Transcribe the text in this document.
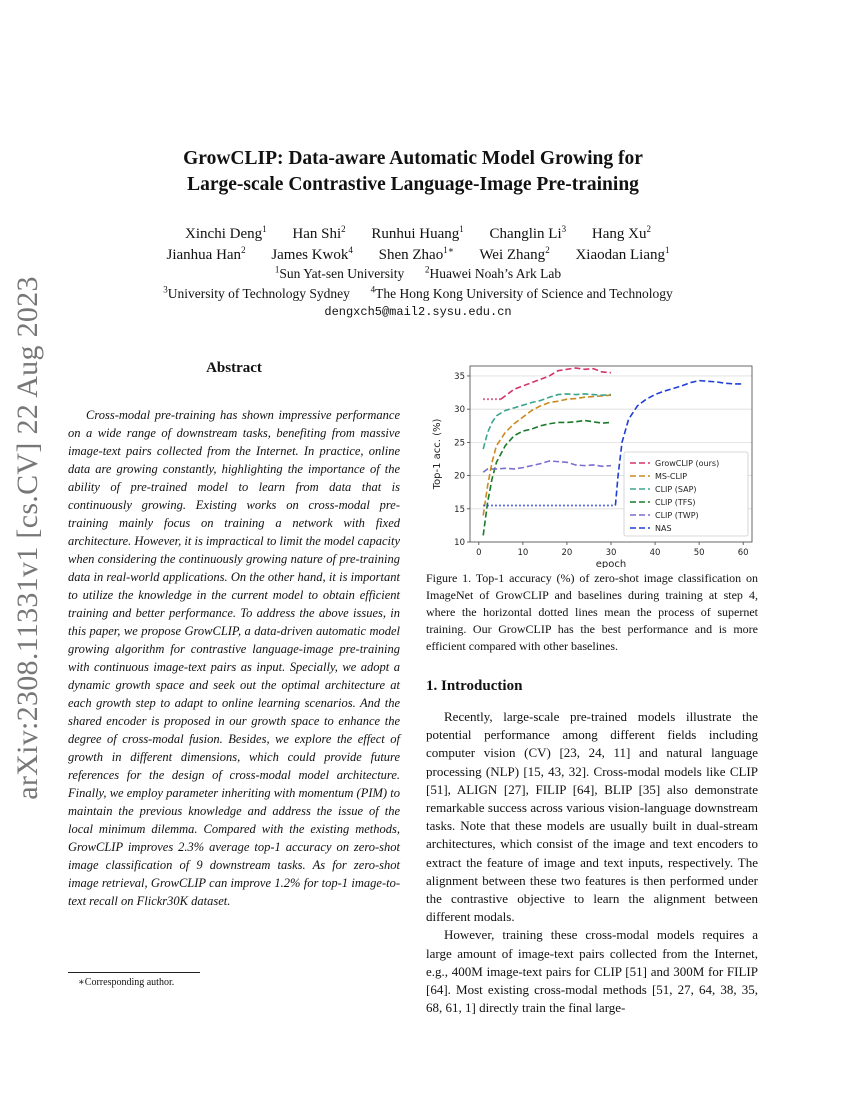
arXiv:2308.11331v1 [cs.CV] 22 Aug 2023
GrowCLIP: Data-aware Automatic Model Growing for
Large-scale Contrastive Language-Image Pre-training
Xinchi Deng$^1$ Han Shi$^2$ Runhui Huang$^1$ Changlin Li$^3$ Hang Xu$^2$
Jianhua Han$^2$ James Kwok$^4$ Shen Zhao$^{1∗}$ Wei Zhang$^2$ Xiaodan Liang$^1$
$^1$Sun Yat-sen University $^2$Huawei Noah’s Ark Lab
$^3$University of Technology Sydney $^4$The Hong Kong University of Science and Technology
dengxch5@mail2.sysu.edu.cn
Abstract

Cross-modal pre-training has shown impressive performance on a wide range of downstream tasks, benefiting from massive image-text pairs collected from the Internet. In practice, online data are growing constantly, highlighting the importance of the ability of pre-trained model to learn from data that is continuously growing. Existing works on cross-modal pre-training mainly focus on training a network with fixed architecture. However, it is impractical to limit the model capacity when considering the continuously growing nature of pre-training data in real-world applications. On the other hand, it is important to utilize the knowledge in the current model to obtain efficient training and better performance. To address the above issues, in this paper, we propose GrowCLIP, a data-driven automatic model growing algorithm for contrastive language-image pre-training with continuous image-text pairs as input. Specially, we adopt a dynamic growth space and seek out the optimal architecture at each growth step to adapt to online learning scenarios. And the shared encoder is proposed in our growth space to enhance the degree of cross-modal fusion. Besides, we explore the effect of growth in different dimensions, which could provide future references for the design of cross-modal model architecture. Finally, we employ parameter inheriting with momentum (PIM) to maintain the previous knowledge and address the issue of the local minimum dilemma. Compared with the existing methods, GrowCLIP improves 2.3% average top-1 accuracy on zero-shot image classification of 9 downstream tasks. As for zero-shot image retrieval, GrowCLIP can improve 1.2% for top-1 image-to-text recall on Flickr30K dataset.

∗Corresponding author.
0	10	20	30	40	50	60
10
15
20
25
30
35
GrowCLIP (ours)
MS-CLIP
CLIP (SAP)
CLIP (TFS)
CLIP (TWP)
NAS
Top-1 acc. (%)
epoch

Figure 1. Top-1 accuracy (%) of zero-shot image classification on ImageNet of GrowCLIP and baselines during training at step 4, where the horizontal dotted lines mean the process of supernet training. Our GrowCLIP has the best performance and is more efficient compared with other baselines.

1. Introduction

Recently, large-scale pre-trained models illustrate the potential performance among different fields including computer vision (CV) [23, 24, 11] and natural language processing (NLP) [15, 43, 32]. Cross-modal models like CLIP [51], ALIGN [27], FILIP [64], BLIP [35] also demonstrate remarkable success across various vision-language downstream tasks. Note that these models are usually built in dual-stream architectures, which consist of the image and text encoders to extract the feature of image and text inputs, respectively. The alignment between these two features is then performed under the contrastive objective to learn the alignment between different modals.

However, training these cross-modal models requires a large amount of image-text pairs collected from the Internet, e.g., 400M image-text pairs for CLIP [51] and 300M for FILIP [64]. Most existing cross-modal methods [51, 27, 64, 38, 35, 68, 61, 1] directly train the final large-
